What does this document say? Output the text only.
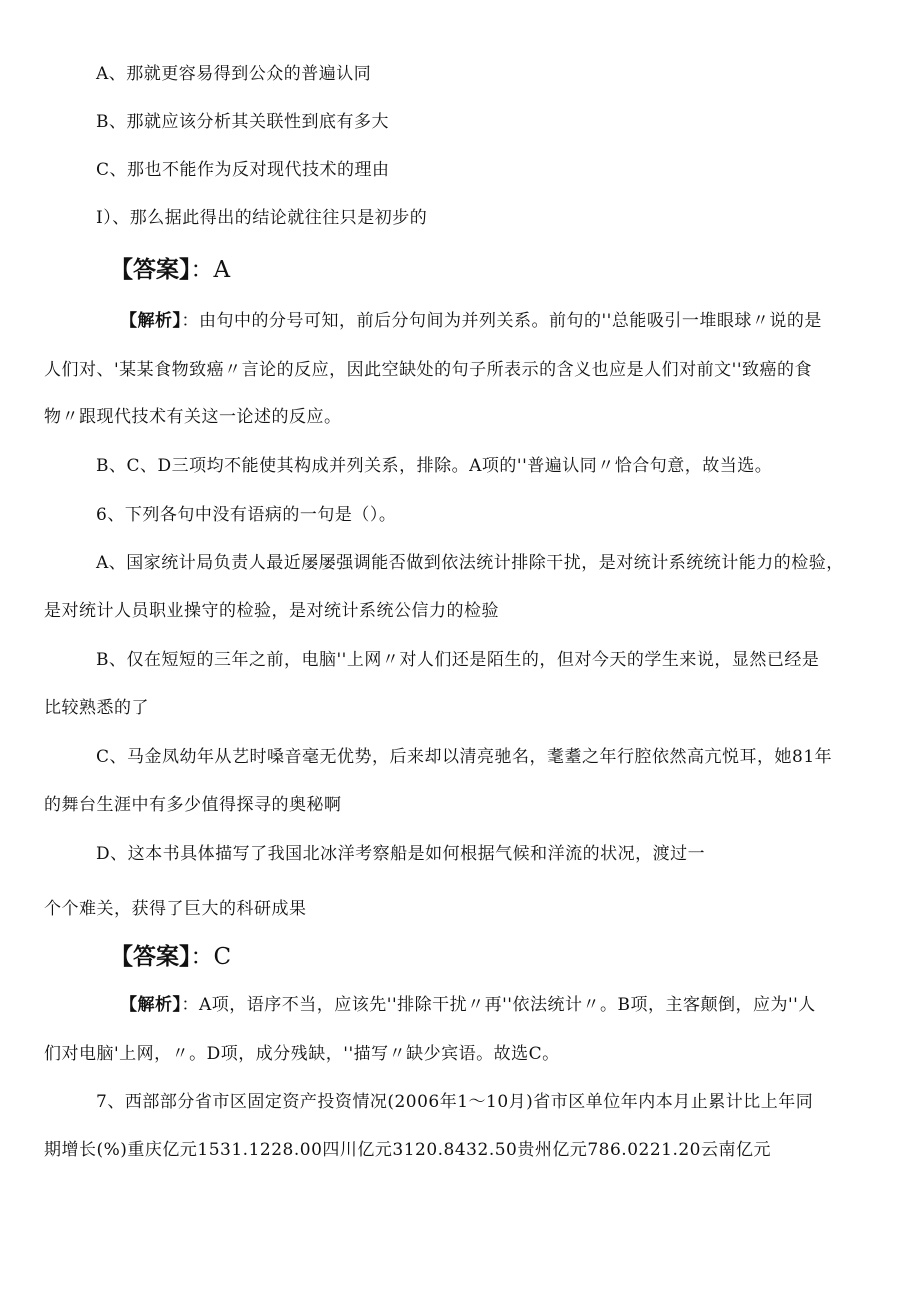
A、那就更容易得到公众的普遍认同
B、那就应该分析其关联性到底有多大
C、那也不能作为反对现代技术的理由
I）、那么据此得出的结论就往往只是初步的
【答案】：A
【解析】：由句中的分号可知，前后分句间为并列关系。前句的''总能吸引一堆眼球〃说的是
人们对、'某某食物致癌〃言论的反应，因此空缺处的句子所表示的含义也应是人们对前文''致癌的食
物〃跟现代技术有关这一论述的反应。
B、C、D三项均不能使其构成并列关系，排除。A项的''普遍认同〃恰合句意，故当选。
6、下列各句中没有语病的一句是（）。
A、国家统计局负责人最近屡屡强调能否做到依法统计排除干扰，是对统计系统统计能力的检验，
是对统计人员职业操守的检验，是对统计系统公信力的检验
B、仅在短短的三年之前，电脑''上网〃对人们还是陌生的，但对今天的学生来说，显然已经是
比较熟悉的了
C、马金凤幼年从艺时嗓音毫无优势，后来却以清亮驰名，耄耋之年行腔依然高亢悦耳，她81年
的舞台生涯中有多少值得探寻的奥秘啊
D、这本书具体描写了我国北冰洋考察船是如何根据气候和洋流的状况，渡过一
个个难关，获得了巨大的科研成果
【答案】：C
【解析】：A项，语序不当，应该先''排除干扰〃再''依法统计〃。B项，主客颠倒，应为''人
们对电脑'上网，〃。D项，成分残缺，''描写〃缺少宾语。故选C。
7、西部部分省市区固定资产投资情况(2006年1～10月)省市区单位年内本月止累计比上年同
期增长(%)重庆亿元1531.1228.00四川亿元3120.8432.50贵州亿元786.0221.20云南亿元
